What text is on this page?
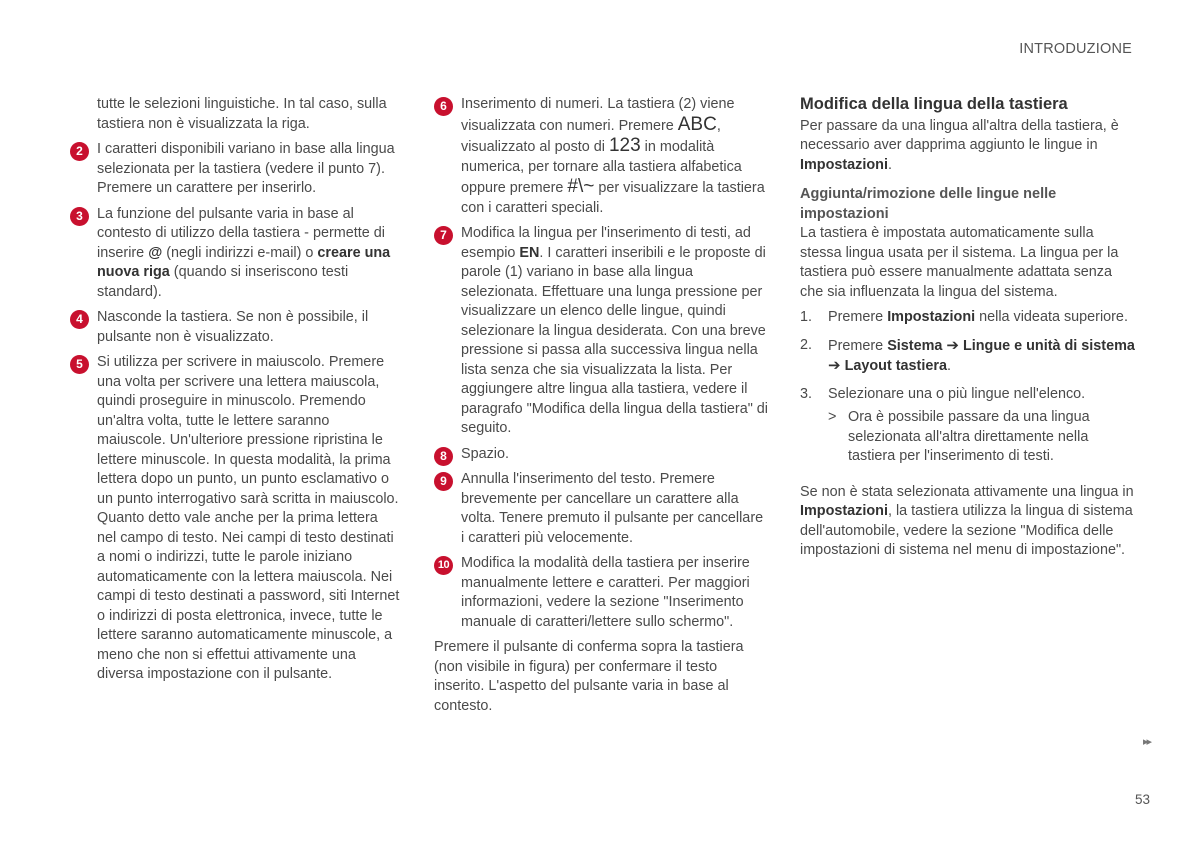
INTRODUZIONE

tutte le selezioni linguistiche. In tal caso, sulla tastiera non è visualizzata la riga.

2 I caratteri disponibili variano in base alla lingua selezionata per la tastiera (vedere il punto 7). Premere un carattere per inserirlo.

3 La funzione del pulsante varia in base al contesto di utilizzo della tastiera - permette di inserire @ (negli indirizzi e-mail) o creare una nuova riga (quando si inseriscono testi standard).

4 Nasconde la tastiera. Se non è possibile, il pulsante non è visualizzato.

5 Si utilizza per scrivere in maiuscolo. Premere una volta per scrivere una lettera maiuscola, quindi proseguire in minuscolo. Premendo un'altra volta, tutte le lettere saranno maiuscole. Un'ulteriore pressione ripristina le lettere minuscole. In questa modalità, la prima lettera dopo un punto, un punto esclamativo o un punto interrogativo sarà scritta in maiuscolo. Quanto detto vale anche per la prima lettera nel campo di testo. Nei campi di testo destinati a nomi o indirizzi, tutte le parole iniziano automaticamente con la lettera maiuscola. Nei campi di testo destinati a password, siti Internet o indirizzi di posta elettronica, invece, tutte le lettere saranno automaticamente minuscole, a meno che non si effettui attivamente una diversa impostazione con il pulsante.

6 Inserimento di numeri. La tastiera (2) viene visualizzata con numeri. Premere ABC, visualizzato al posto di 123 in modalità numerica, per tornare alla tastiera alfabetica oppure premere #\~ per visualizzare la tastiera con i caratteri speciali.

7 Modifica la lingua per l'inserimento di testi, ad esempio EN. I caratteri inseribili e le proposte di parole (1) variano in base alla lingua selezionata. Effettuare una lunga pressione per visualizzare un elenco delle lingue, quindi selezionare la lingua desiderata. Con una breve pressione si passa alla successiva lingua nella lista senza che sia visualizzata la lista. Per aggiungere altre lingua alla tastiera, vedere il paragrafo "Modifica della lingua della tastiera" di seguito.

8 Spazio.

9 Annulla l'inserimento del testo. Premere brevemente per cancellare un carattere alla volta. Tenere premuto il pulsante per cancellare i caratteri più velocemente.

10 Modifica la modalità della tastiera per inserire manualmente lettere e caratteri. Per maggiori informazioni, vedere la sezione "Inserimento manuale di caratteri/lettere sullo schermo".

Premere il pulsante di conferma sopra la tastiera (non visibile in figura) per confermare il testo inserito. L'aspetto del pulsante varia in base al contesto.

Modifica della lingua della tastiera

Per passare da una lingua all'altra della tastiera, è necessario aver dapprima aggiunto le lingue in Impostazioni.

Aggiunta/rimozione delle lingue nelle impostazioni

La tastiera è impostata automaticamente sulla stessa lingua usata per il sistema. La lingua per la tastiera può essere manualmente adattata senza che sia influenzata la lingua del sistema.

1. Premere Impostazioni nella videata superiore.
2. Premere Sistema ➔ Lingue e unità di sistema ➔ Layout tastiera.
3. Selezionare una o più lingue nell'elenco.
> Ora è possibile passare da una lingua selezionata all'altra direttamente nella tastiera per l'inserimento di testi.

Se non è stata selezionata attivamente una lingua in Impostazioni, la tastiera utilizza la lingua di sistema dell'automobile, vedere la sezione "Modifica delle impostazioni di sistema nel menu di impostazione".

▸▸
53
